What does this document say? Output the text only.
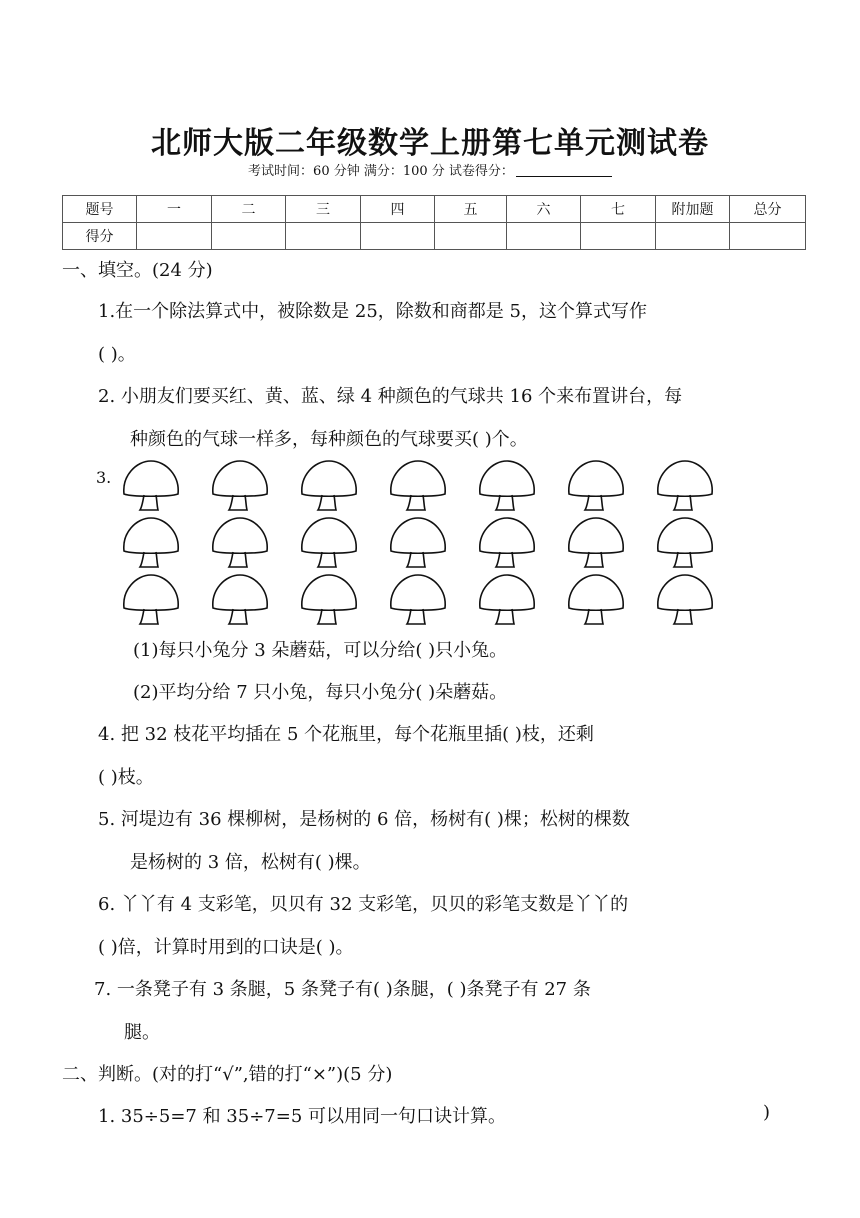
北师大版二年级数学上册第七单元测试卷
考试时间：60 分钟 满分：100 分 试卷得分：
题号	一	二	三	四	五	六	七	附加题	总分
得分									
一、填空。(24 分)
1.在一个除法算式中，被除数是 25，除数和商都是 5，这个算式写作
( )。
2. 小朋友们要买红、黄、蓝、绿 4 种颜色的气球共 16 个来布置讲台，每
种颜色的气球一样多，每种颜色的气球要买( )个。
3.
(1)每只小兔分 3 朵蘑菇，可以分给( )只小兔。
(2)平均分给 7 只小兔，每只小兔分( )朵蘑菇。
4. 把 32 枝花平均插在 5 个花瓶里，每个花瓶里插( )枝，还剩
( )枝。
5. 河堤边有 36 棵柳树，是杨树的 6 倍，杨树有( )棵；松树的棵数
是杨树的 3 倍，松树有( )棵。
6. 丫丫有 4 支彩笔，贝贝有 32 支彩笔，贝贝的彩笔支数是丫丫的
( )倍，计算时用到的口诀是( )。
7. 一条凳子有 3 条腿，5 条凳子有( )条腿，( )条凳子有 27 条
腿。
二、判断。(对的打“√”,错的打“×”)(5 分)
1. 35÷5=7 和 35÷7=5 可以用同一句口诀计算。	)
